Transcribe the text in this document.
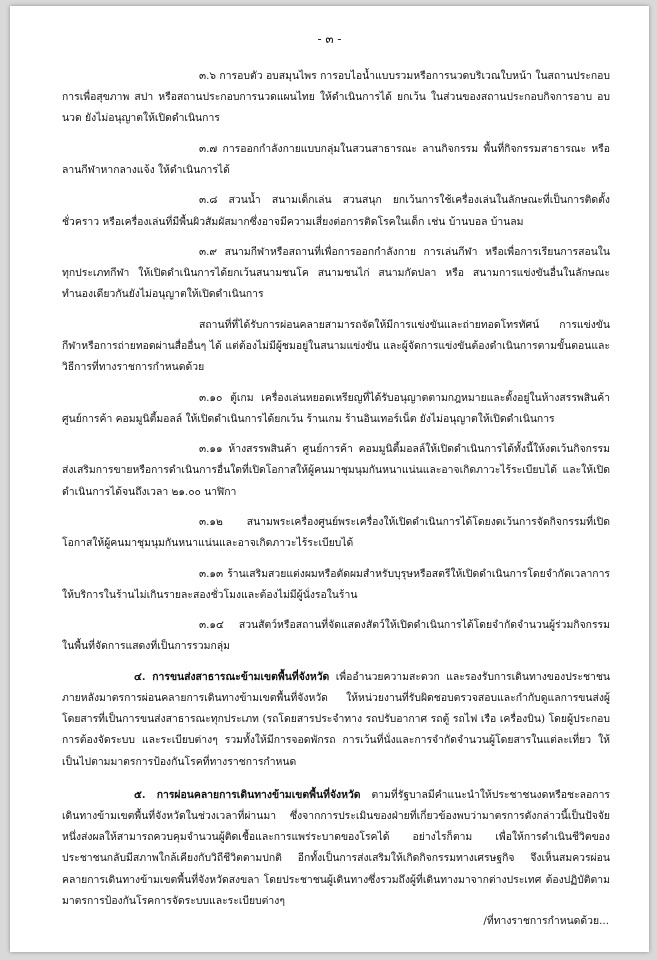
- ๓ -

๓.๖ การอบตัว อบสมุนไพร การอบไอน้ำแบบรวมหรือการนวดบริเวณใบหน้า ในสถานประกอบการเพื่อสุขภาพ สปา หรือสถานประกอบการนวดแผนไทย ให้ดำเนินการได้ ยกเว้น ในส่วนของสถานประกอบกิจการอาบ อบ นวด ยังไม่อนุญาตให้เปิดดำเนินการ

๓.๗ การออกกำลังกายแบบกลุ่มในสวนสาธารณะ ลานกิจกรรม พื้นที่กิจกรรมสาธารณะ หรือลานกีฬาหากลางแจ้ง ให้ดำเนินการได้

๓.๘ สวนน้ำ สนามเด็กเล่น สวนสนุก ยกเว้นการใช้เครื่องเล่นในลักษณะที่เป็นการติดตั้งชั่วคราว หรือเครื่องเล่นที่มีพื้นผิวสัมผัสมากซึ่งอาจมีความเสี่ยงต่อการติดโรคในเด็ก เช่น บ้านบอล บ้านลม

๓.๙ สนามกีฬาหรือสถานที่เพื่อการออกกำลังกาย การเล่นกีฬา หรือเพื่อการเรียนการสอนในทุกประเภทกีฬา ให้เปิดดำเนินการได้ยกเว้นสนามชนโค สนามชนไก่ สนามกัดปลา หรือ สนามการแข่งขันอื่นในลักษณะทำนองเดียวกันยังไม่อนุญาตให้เปิดดำเนินการ

สถานที่ที่ได้รับการผ่อนคลายสามารถจัดให้มีการแข่งขันและถ่ายทอดโทรทัศน์ การแข่งขันกีฬาหรือการถ่ายทอดผ่านสื่ออื่นๆ ได้ แต่ต้องไม่มีผู้ชมอยู่ในสนามแข่งขัน และผู้จัดการแข่งขันต้องดำเนินการตามขั้นตอนและวิธีการที่ทางราชการกำหนดด้วย

๓.๑๐ ตู้เกม เครื่องเล่นหยอดเหรียญที่ได้รับอนุญาตตามกฎหมายและตั้งอยู่ในห้างสรรพสินค้าศูนย์การค้า คอมมูนิตี้มอลล์ ให้เปิดดำเนินการได้ยกเว้น ร้านเกม ร้านอินเทอร์เน็ต ยังไม่อนุญาตให้เปิดดำเนินการ

๓.๑๑ ห้างสรรพสินค้า ศูนย์การค้า คอมมูนิตี้มอลล์ให้เปิดดำเนินการได้ทั้งนี้ให้งดเว้นกิจกรรมส่งเสริมการขายหรือการดำเนินการอื่นใดที่เปิดโอกาสให้ผู้คนมาชุมนุมกันหนาแน่นและอาจเกิดภาวะไร้ระเบียบได้ และให้เปิดดำเนินการได้จนถึงเวลา ๒๑.๐๐ นาฬิกา

๓.๑๒ สนามพระเครื่องศูนย์พระเครื่องให้เปิดดำเนินการได้โดยงดเว้นการจัดกิจกรรมที่เปิดโอกาสให้ผู้คนมาชุมนุมกันหนาแน่นและอาจเกิดภาวะไร้ระเบียบได้

๓.๑๓ ร้านเสริมสวยแต่งผมหรือตัดผมสำหรับบุรุษหรือสตรีให้เปิดดำเนินการโดยจำกัดเวลาการให้บริการในร้านไม่เกินรายละสองชั่วโมงและต้องไม่มีผู้นั่งรอในร้าน

๓.๑๔ สวนสัตว์หรือสถานที่จัดแสดงสัตว์ให้เปิดดำเนินการได้โดยจำกัดจำนวนผู้ร่วมกิจกรรมในพื้นที่จัดการแสดงที่เป็นการรวมกลุ่ม

๔. การขนส่งสาธารณะข้ามเขตพื้นที่จังหวัด เพื่ออำนวยความสะดวก และรองรับการเดินทางของประชาชนภายหลังมาตรการผ่อนคลายการเดินทางข้ามเขตพื้นที่จังหวัด ให้หน่วยงานที่รับผิดชอบตรวจสอบและกำกับดูแลการขนส่งผู้โดยสารที่เป็นการขนส่งสาธารณะทุกประเภท (รถโดยสารประจำทาง รถปรับอากาศ รถตู้ รถไฟ เรือ เครื่องบิน) โดยผู้ประกอบการต้องจัดระบบ และระเบียบต่างๆ รวมทั้งให้มีการจอดพักรถ การเว้นที่นั่งและการจำกัดจำนวนผู้โดยสารในแต่ละเที่ยว ให้เป็นไปตามมาตรการป้องกันโรคที่ทางราชการกำหนด

๕. การผ่อนคลายการเดินทางข้ามเขตพื้นที่จังหวัด ตามที่รัฐบาลมีคำแนะนำให้ประชาชนงดหรือชะลอการเดินทางข้ามเขตพื้นที่จังหวัดในช่วงเวลาที่ผ่านมา ซึ่งจากการประเมินของฝ่ายที่เกี่ยวข้องพบว่ามาตรการดังกล่าวนี้เป็นปัจจัยหนึ่งส่งผลให้สามารถควบคุมจำนวนผู้ติดเชื้อและการแพร่ระบาดของโรคได้ อย่างไรก็ตาม เพื่อให้การดำเนินชีวิตของประชาชนกลับมีสภาพใกล้เคียงกับวิถีชีวิตตามปกติ อีกทั้งเป็นการส่งเสริมให้เกิดกิจกรรมทางเศรษฐกิจ จึงเห็นสมควรผ่อนคลายการเดินทางข้ามเขตพื้นที่จังหวัดสงขลา โดยประชาชนผู้เดินทางซึ่งรวมถึงผู้ที่เดินทางมาจากต่างประเทศ ต้องปฏิบัติตามมาตรการป้องกันโรคการจัดระบบและระเบียบต่างๆ

/ที่ทางราชการกำหนดด้วย...
